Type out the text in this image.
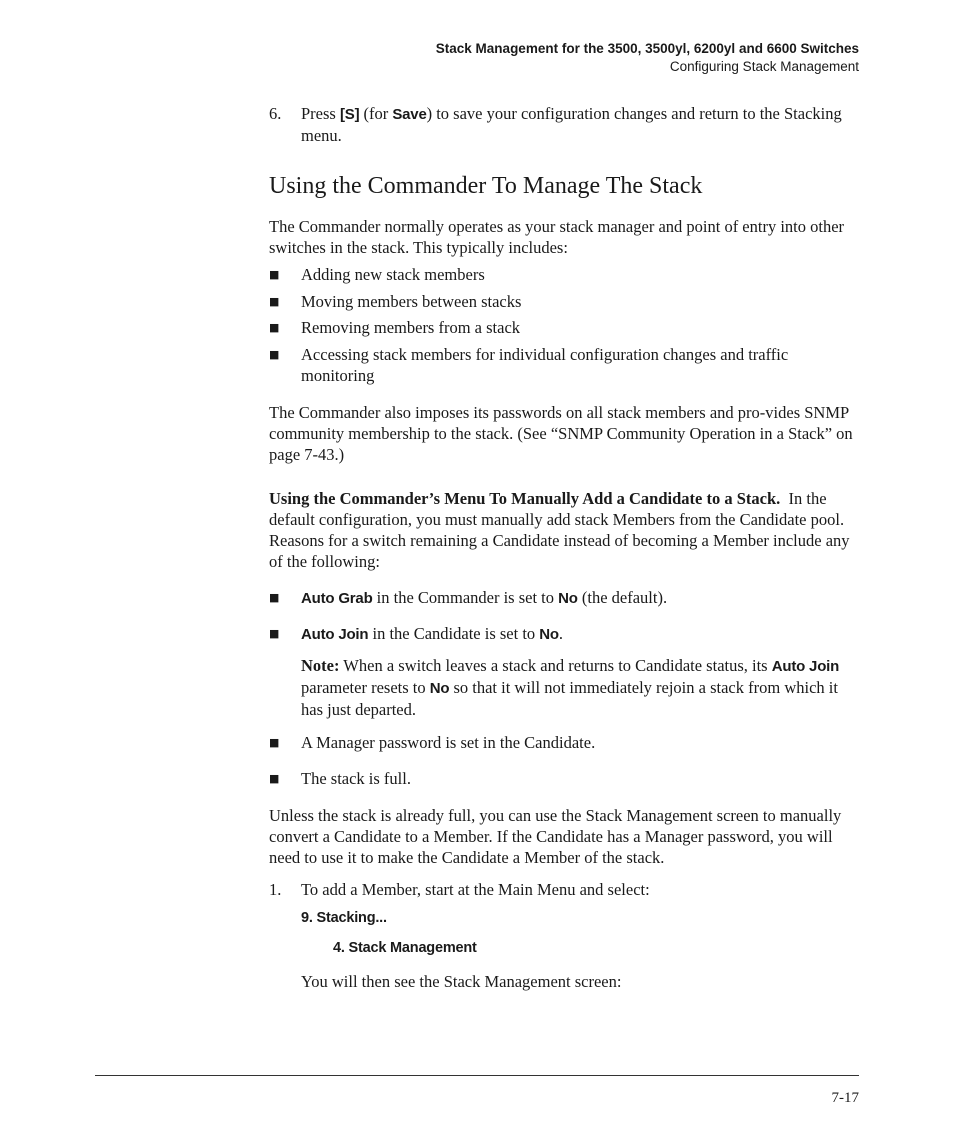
Stack Management for the 3500, 3500yl, 6200yl and 6600 Switches
Configuring Stack Management
6. Press [S] (for Save) to save your configuration changes and return to the Stacking menu.
Using the Commander To Manage The Stack
The Commander normally operates as your stack manager and point of entry into other switches in the stack. This typically includes:
■ Adding new stack members
■ Moving members between stacks
■ Removing members from a stack
■ Accessing stack members for individual configuration changes and traffic monitoring
The Commander also imposes its passwords on all stack members and pro-vides SNMP community membership to the stack. (See “SNMP Community Operation in a Stack” on page 7-43.)
Using the Commander’s Menu To Manually Add a Candidate to a Stack.  In the default configuration, you must manually add stack Members from the Candidate pool. Reasons for a switch remaining a Candidate instead of becoming a Member include any of the following:
■ Auto Grab in the Commander is set to No (the default).
■ Auto Join in the Candidate is set to No.
Note: When a switch leaves a stack and returns to Candidate status, its Auto Join parameter resets to No so that it will not immediately rejoin a stack from which it has just departed.
■ A Manager password is set in the Candidate.
■ The stack is full.
Unless the stack is already full, you can use the Stack Management screen to manually convert a Candidate to a Member. If the Candidate has a Manager password, you will need to use it to make the Candidate a Member of the stack.
1. To add a Member, start at the Main Menu and select:
9. Stacking...
4. Stack Management
You will then see the Stack Management screen:
7-17
